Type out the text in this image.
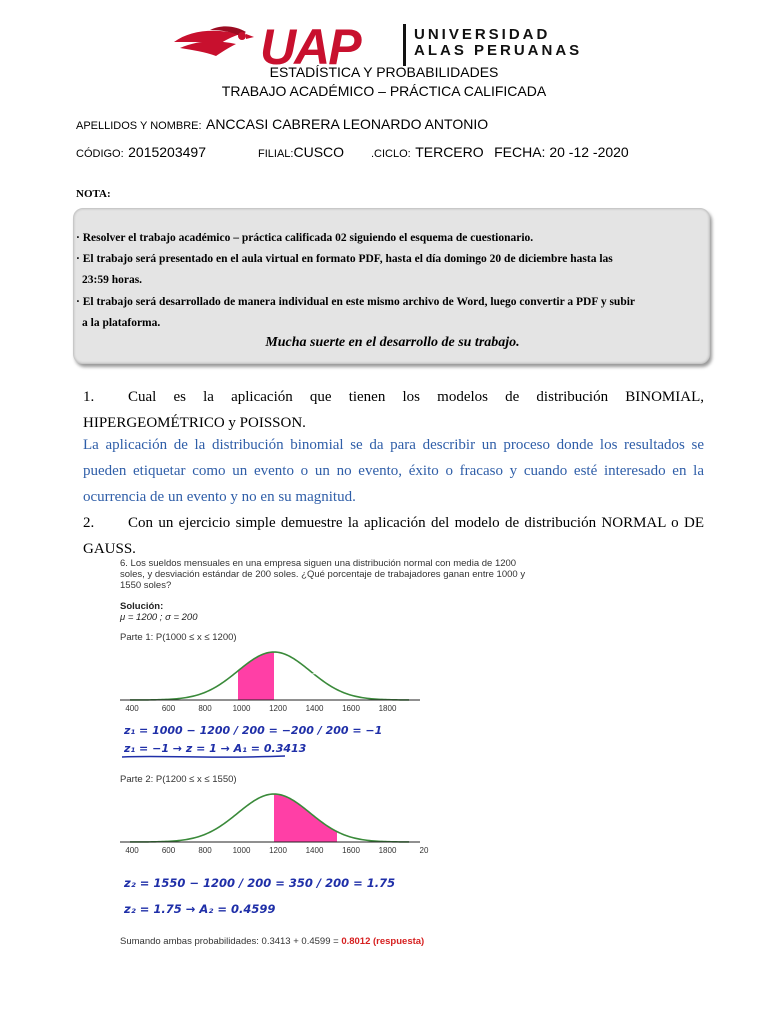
UAP	UNIVERSIDAD
ALAS PERUANAS
ESTADÍSTICA Y PROBABILIDADES
TRABAJO ACADÉMICO – PRÁCTICA CALIFICADA
APELLIDOS Y NOMBRE: ANCCASI CABRERA LEONARDO ANTONIO
CÓDIGO: 2015203497	FILIAL:CUSCO .CICLO: TERCERO FECHA: 20 -12 -2020
NOTA:
· Resolver el trabajo académico – práctica calificada 02 siguiendo el esquema de cuestionario.
· El trabajo será presentado en el aula virtual en formato PDF, hasta el día domingo 20 de diciembre hasta las
23:59 horas.
· El trabajo será desarrollado de manera individual en este mismo archivo de Word, luego convertir a PDF y subir
a la plataforma.
Mucha suerte en el desarrollo de su trabajo.
1. Cual es la aplicación que tienen los modelos de distribución BINOMIAL, HIPERGEOMÉTRICO y POISSON.
La aplicación de la distribución binomial se da para describir un proceso donde los resultados se pueden etiquetar como un evento o un no evento, éxito o fracaso y cuando esté interesado en la ocurrencia de un evento y no en su magnitud.
2. Con un ejercicio simple demuestre la aplicación del modelo de distribución NORMAL o DE GAUSS.
6. Los sueldos mensuales en una empresa siguen una distribución normal con media de 1200
soles, y desviación estándar de 200 soles. ¿Qué porcentaje de trabajadores ganan entre 1000 y
1550 soles?
Solución:
μ = 1200 ; σ = 200
Parte 1: P(1000 ≤ x ≤ 1200)
400	600	800	1000 1200 1400 1600 1800
Área = 0.3413
z₁ = 1000 − 1200 / 200 = −200 / 200 = −1
z₁ = −1 → z = 1 → A₁ = 0.3413
Parte 2: P(1200 ≤ x ≤ 1550)
400	600	800	1000 1200 1400 1600 1800	20
Área = 0.4599
z₂ = 1550 − 1200 / 200 = 350 / 200 = 1.75
z₂ = 1.75 → A₂ = 0.4599
Sumando ambas probabilidades: 0.3413 + 0.4599 = 0.8012 (respuesta)
